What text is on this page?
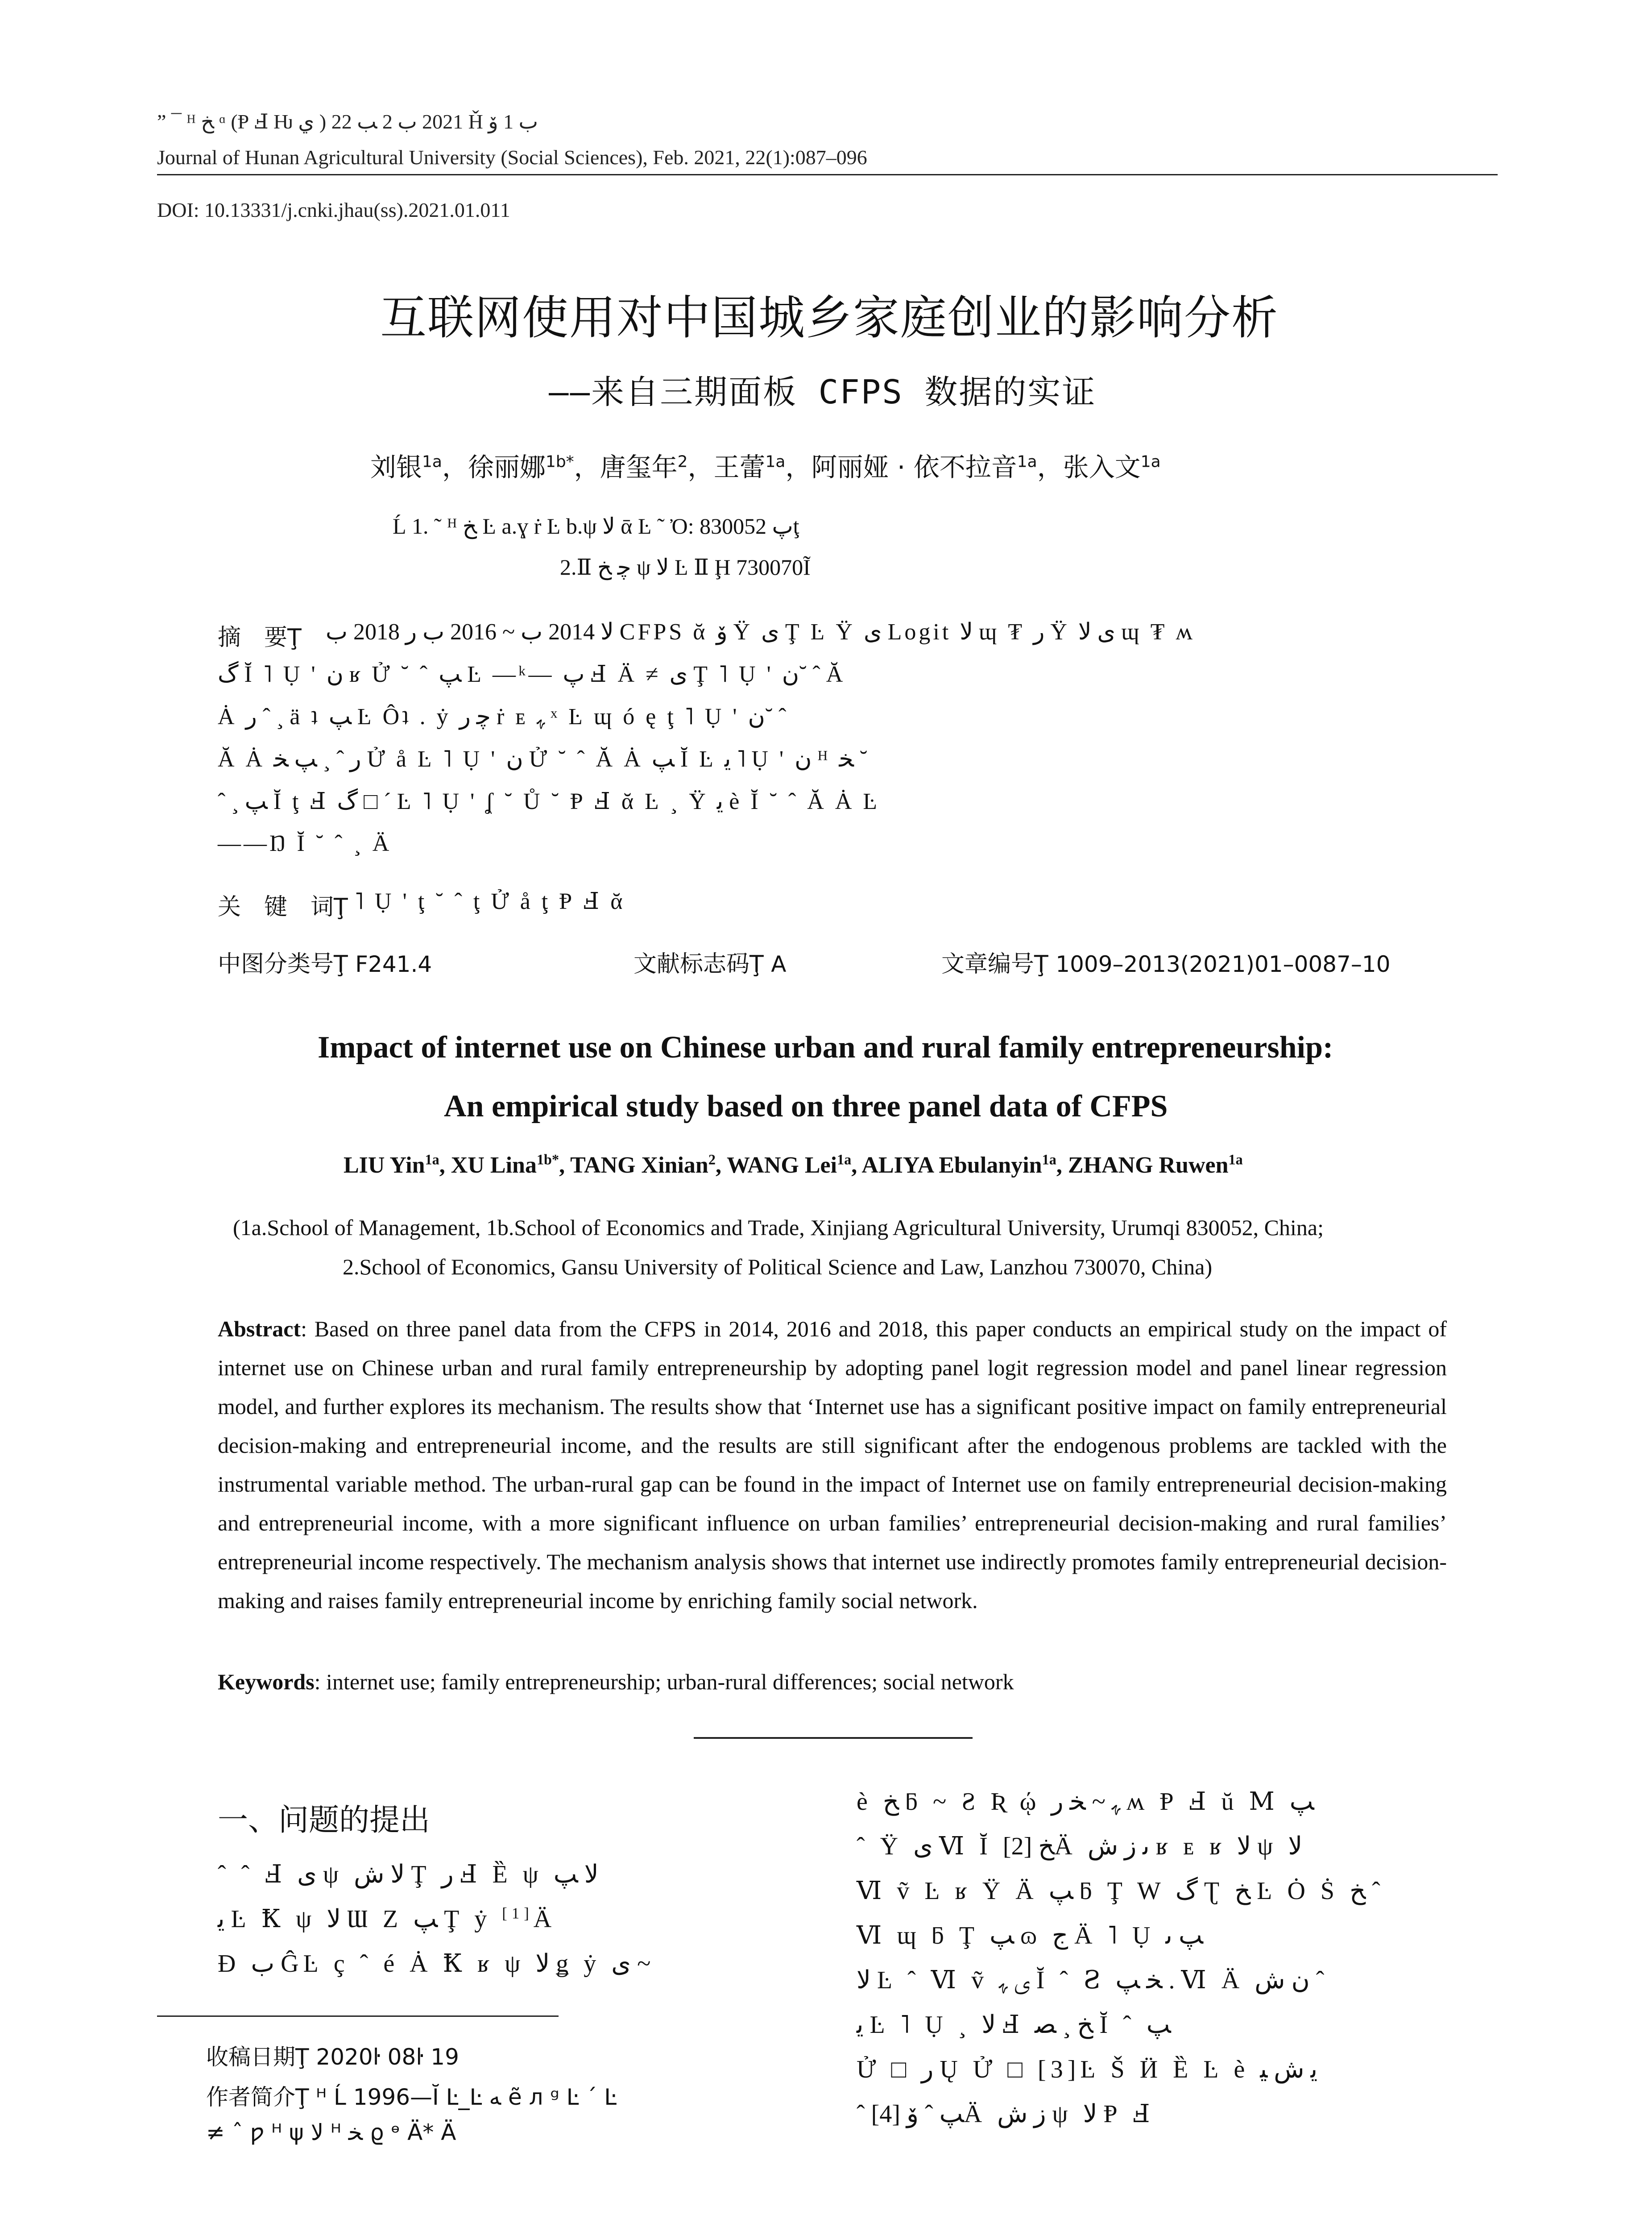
” ¯ ᴴ ﺦ ᵅ (Ᵽ Ⅎ Ƕ ﻱ ) 2021 ﺏ 2 ﺐ 22 Ȟ ﺏ 1 ﯙ
Journal of Hunan Agricultural University (Social Sciences), Feb. 2021, 22(1):087–096
DOI: 10.13331/j.cnki.jhau(ss).2021.01.011
互联网使用对中国城乡家庭创业的影响分析
——来自三期面板 CFPS 数据的实证
刘银$^{1a}$，徐丽娜$^{1b*}$，唐玺年$^2$，王蕾$^{1a}$，阿丽娅 · 依不拉音$^{1a}$，张入文$^{1a}$
Ĺ 1. ˜ ᴴ ﺦ Ŀ a.ɣ ṙ Ŀ b.ψ ﻻ ᾱ Ŀ ˜ Ὀ: ﭖ 830052ţ
2.Ⅱ ﭼ ﺦ ψ ﻻ Ŀ Ⅱ Ḩ 730070Ĩ
摘　要Ţ ﻻ 2014 ﺏ ~ 2016 ﺏ ﺭ 2018 ﺏ CFPS ᾰ ﯙ Ÿ ﯼ Ţ Ŀ Ÿ ﯼ Logit ﻻ ɰ ₮ ﺭ Ÿ ﯼ ﻻ ɰ ₮ ʍ
ﮒ Ĭ ˥ Ụ ' ﻥ ʁ Ử ˘ ˆ ﭗ Ŀ —ᵏ— ﭖ Ⅎ Ä ≠ ﯼ Ţ ˥ Ụ ' ﻥ˘ ˆ Ă
Ȧ ﺭ ˆ ¸ ä ʇ ﭗ Ŀ Ôʇ . ẏ ﭼ ﺭ ṙ ᴇ ﮩ ˣ Ŀ ɰ ó ę ţ ˥ Ụ ' ﻥ˘ ˆ
Ă Ȧ ﺭ ˆ ¸ ﭗ ﺨ Ử å Ŀ ˥ Ụ ' ﻥ Ử ˘ ˆ Ă Ȧ ﭗ Ĭ Ŀ ﯾ ˥ Ụ ' ﻥ ᴴ ﺨ ˘
ˆ ¸ ﭗ Ĭ ţ Ⅎ ﮒ □ ´ Ŀ ˥ Ụ ' ʆ ˘ Ů ˘ Ᵽ Ⅎ ᾰ Ŀ ¸ Ÿ ﯾ è Ĭ ˘ ˆ Ă Ȧ Ŀ
——Ŋ Ĭ ˘ ˆ ¸ Ä
关　键　词Ţ ˥ Ụ ' ţ ˘ ˆ ţ Ử å ţ Ᵽ Ⅎ ᾰ
中图分类号Ţ F241.4	文献标志码Ţ A	文章编号Ţ 1009–2013(2021)01–0087–10
Impact of internet use on Chinese urban and rural family entrepreneurship:
An empirical study based on three panel data of CFPS
LIU Yin$^{1a}$, XU Lina$^{1b*}$, TANG Xinian$^2$, WANG Lei$^{1a}$, ALIYA Ebulanyin$^{1a}$, ZHANG Ruwen$^{1a}$
(1a.School of Management, 1b.School of Economics and Trade, Xinjiang Agricultural University, Urumqi 830052, China;
2.School of Economics, Gansu University of Political Science and Law, Lanzhou 730070, China)
Abstract: Based on three panel data from the CFPS in 2014, 2016 and 2018, this paper conducts an empirical study on the impact of internet use on Chinese urban and rural family entrepreneurship by adopting panel logit regression model and panel linear regression model, and further explores its mechanism. The results show that ‘Internet use has a significant positive impact on family entrepreneurial decision-making and entrepreneurial income, and the results are still significant after the endogenous problems are tackled with the instrumental variable method. The urban-rural gap can be found in the impact of Internet use on family entrepreneurial decision-making and entrepreneurial income, with a more significant influence on urban families’ entrepreneurial decision-making and rural families’ entrepreneurial income respectively. The mechanism analysis shows that internet use indirectly promotes family entrepreneurial decision-making and raises family entrepreneurial income by enriching family social network.
Keywords: internet use; family entrepreneurship; urban-rural differences; social network
一、问题的提出
ˆ ˆ Ⅎ ﯼ ψ ﻻ ﺵ Ţ ﺭ Ⅎ Ȅ ψ ﻻ ﭗ
ﯾ Ŀ Ꝁ ψ ﻻ Ɯ Z ﭗ Ţ ẏ [1]Ä
Ɖ ﺏ ĜĿ ç ˆ é Ȧ Ꝁ ʁ ψ ﻻ ǥ ẏ ﯼ ~
收稿日期Ţ 2020ŀ 08ŀ 19
作者简介Ţ ᴴ Ĺ 1996—Ĭ Ŀ_Ŀ ﻪ ẽ л ᵍ Ŀ ´ Ŀ
≠ ˆ ƿ ᴴ ψ ﻻ ᴴ ﺨ ϱ ᶱ Ä* Ä
è ﺦ ƃ ~ Ƨ Ʀ ῴ ﮩ ~ ﺨ ﺭ ʍ Ᵽ Ⅎ ŭ Ⅿ ﭗ
ˆ Ÿ ﯼ Ⅵ Ĭ ﺦ [2]Ä ﯨ ﺯ ﺵ ʁ ᴇ ʁ ﻻ ψ ﻻ
Ⅵ ṽ Ŀ ʁ Ÿ Ä ﭗ ƃ Ţ W ﮒ Ʈ ﺦ Ŀ Ȯ Ṡ ﺦ ˆ
Ⅵ ɰ ƃ Ţ ﭗ ɷ ﺝ Ä ˥ Ụ ﭗ ﯨ
ﻻ Ŀ ˆ Ⅵ ṽ ﯼ ﮩ Ĭ ˆ Ꙅ ﺨ ﭗ . Ⅵ Ä ﻥ ﺵ ˆ
ﯾ Ŀ ˥ Ụ ¸ ﻻ Ⅎ ﺦ ¸ ﺼ Ĭ ˆ ﭗ
Ử □ ﺭ Ų Ử □ [3]Ŀ Š Ӥ Ȅ Ŀ è ﯾ ﺵ ﯿ
ˆ ﭗ ˆ ﯙ [4]Ä ﺯ ﺵ ψ ﻻ Ᵽ Ⅎ
